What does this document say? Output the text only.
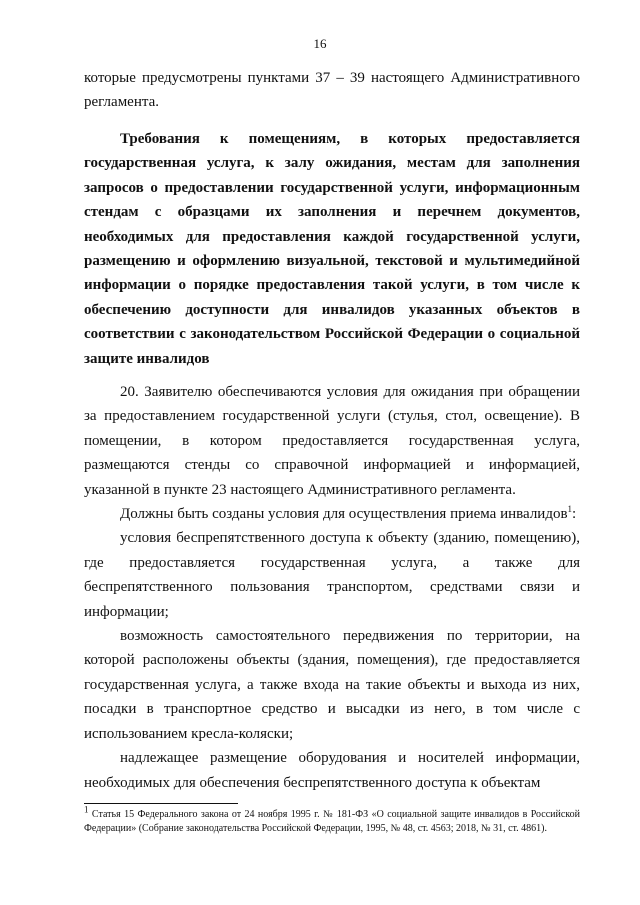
16

которые предусмотрены пунктами 37 – 39 настоящего Административного регламента.

Требования к помещениям, в которых предоставляется государственная услуга, к залу ожидания, местам для заполнения запросов о предоставлении государственной услуги, информационным стендам с образцами их заполнения и перечнем документов, необходимых для предоставления каждой государственной услуги, размещению и оформлению визуальной, текстовой и мультимедийной информации о порядке предоставления такой услуги, в том числе к обеспечению доступности для инвалидов указанных объектов в соответствии с законодательством Российской Федерации о социальной защите инвалидов

20. Заявителю обеспечиваются условия для ожидания при обращении за предоставлением государственной услуги (стулья, стол, освещение). В помещении, в котором предоставляется государственная услуга, размещаются стенды со справочной информацией и информацией, указанной в пункте 23 настоящего Административного регламента.

Должны быть созданы условия для осуществления приема инвалидов$^1$:

условия беспрепятственного доступа к объекту (зданию, помещению), где предоставляется государственная услуга, а также для беспрепятственного пользования транспортом, средствами связи и информации;

возможность самостоятельного передвижения по территории, на которой расположены объекты (здания, помещения), где предоставляется государственная услуга, а также входа на такие объекты и выхода из них, посадки в транспортное средство и высадки из него, в том числе с использованием кресла-коляски;

надлежащее размещение оборудования и носителей информации, необходимых для обеспечения беспрепятственного доступа к объектам

$^1$ Статья 15 Федерального закона от 24 ноября 1995 г. № 181-ФЗ «О социальной защите инвалидов в Российской Федерации» (Собрание законодательства Российской Федерации, 1995, № 48, ст. 4563; 2018, № 31, ст. 4861).
